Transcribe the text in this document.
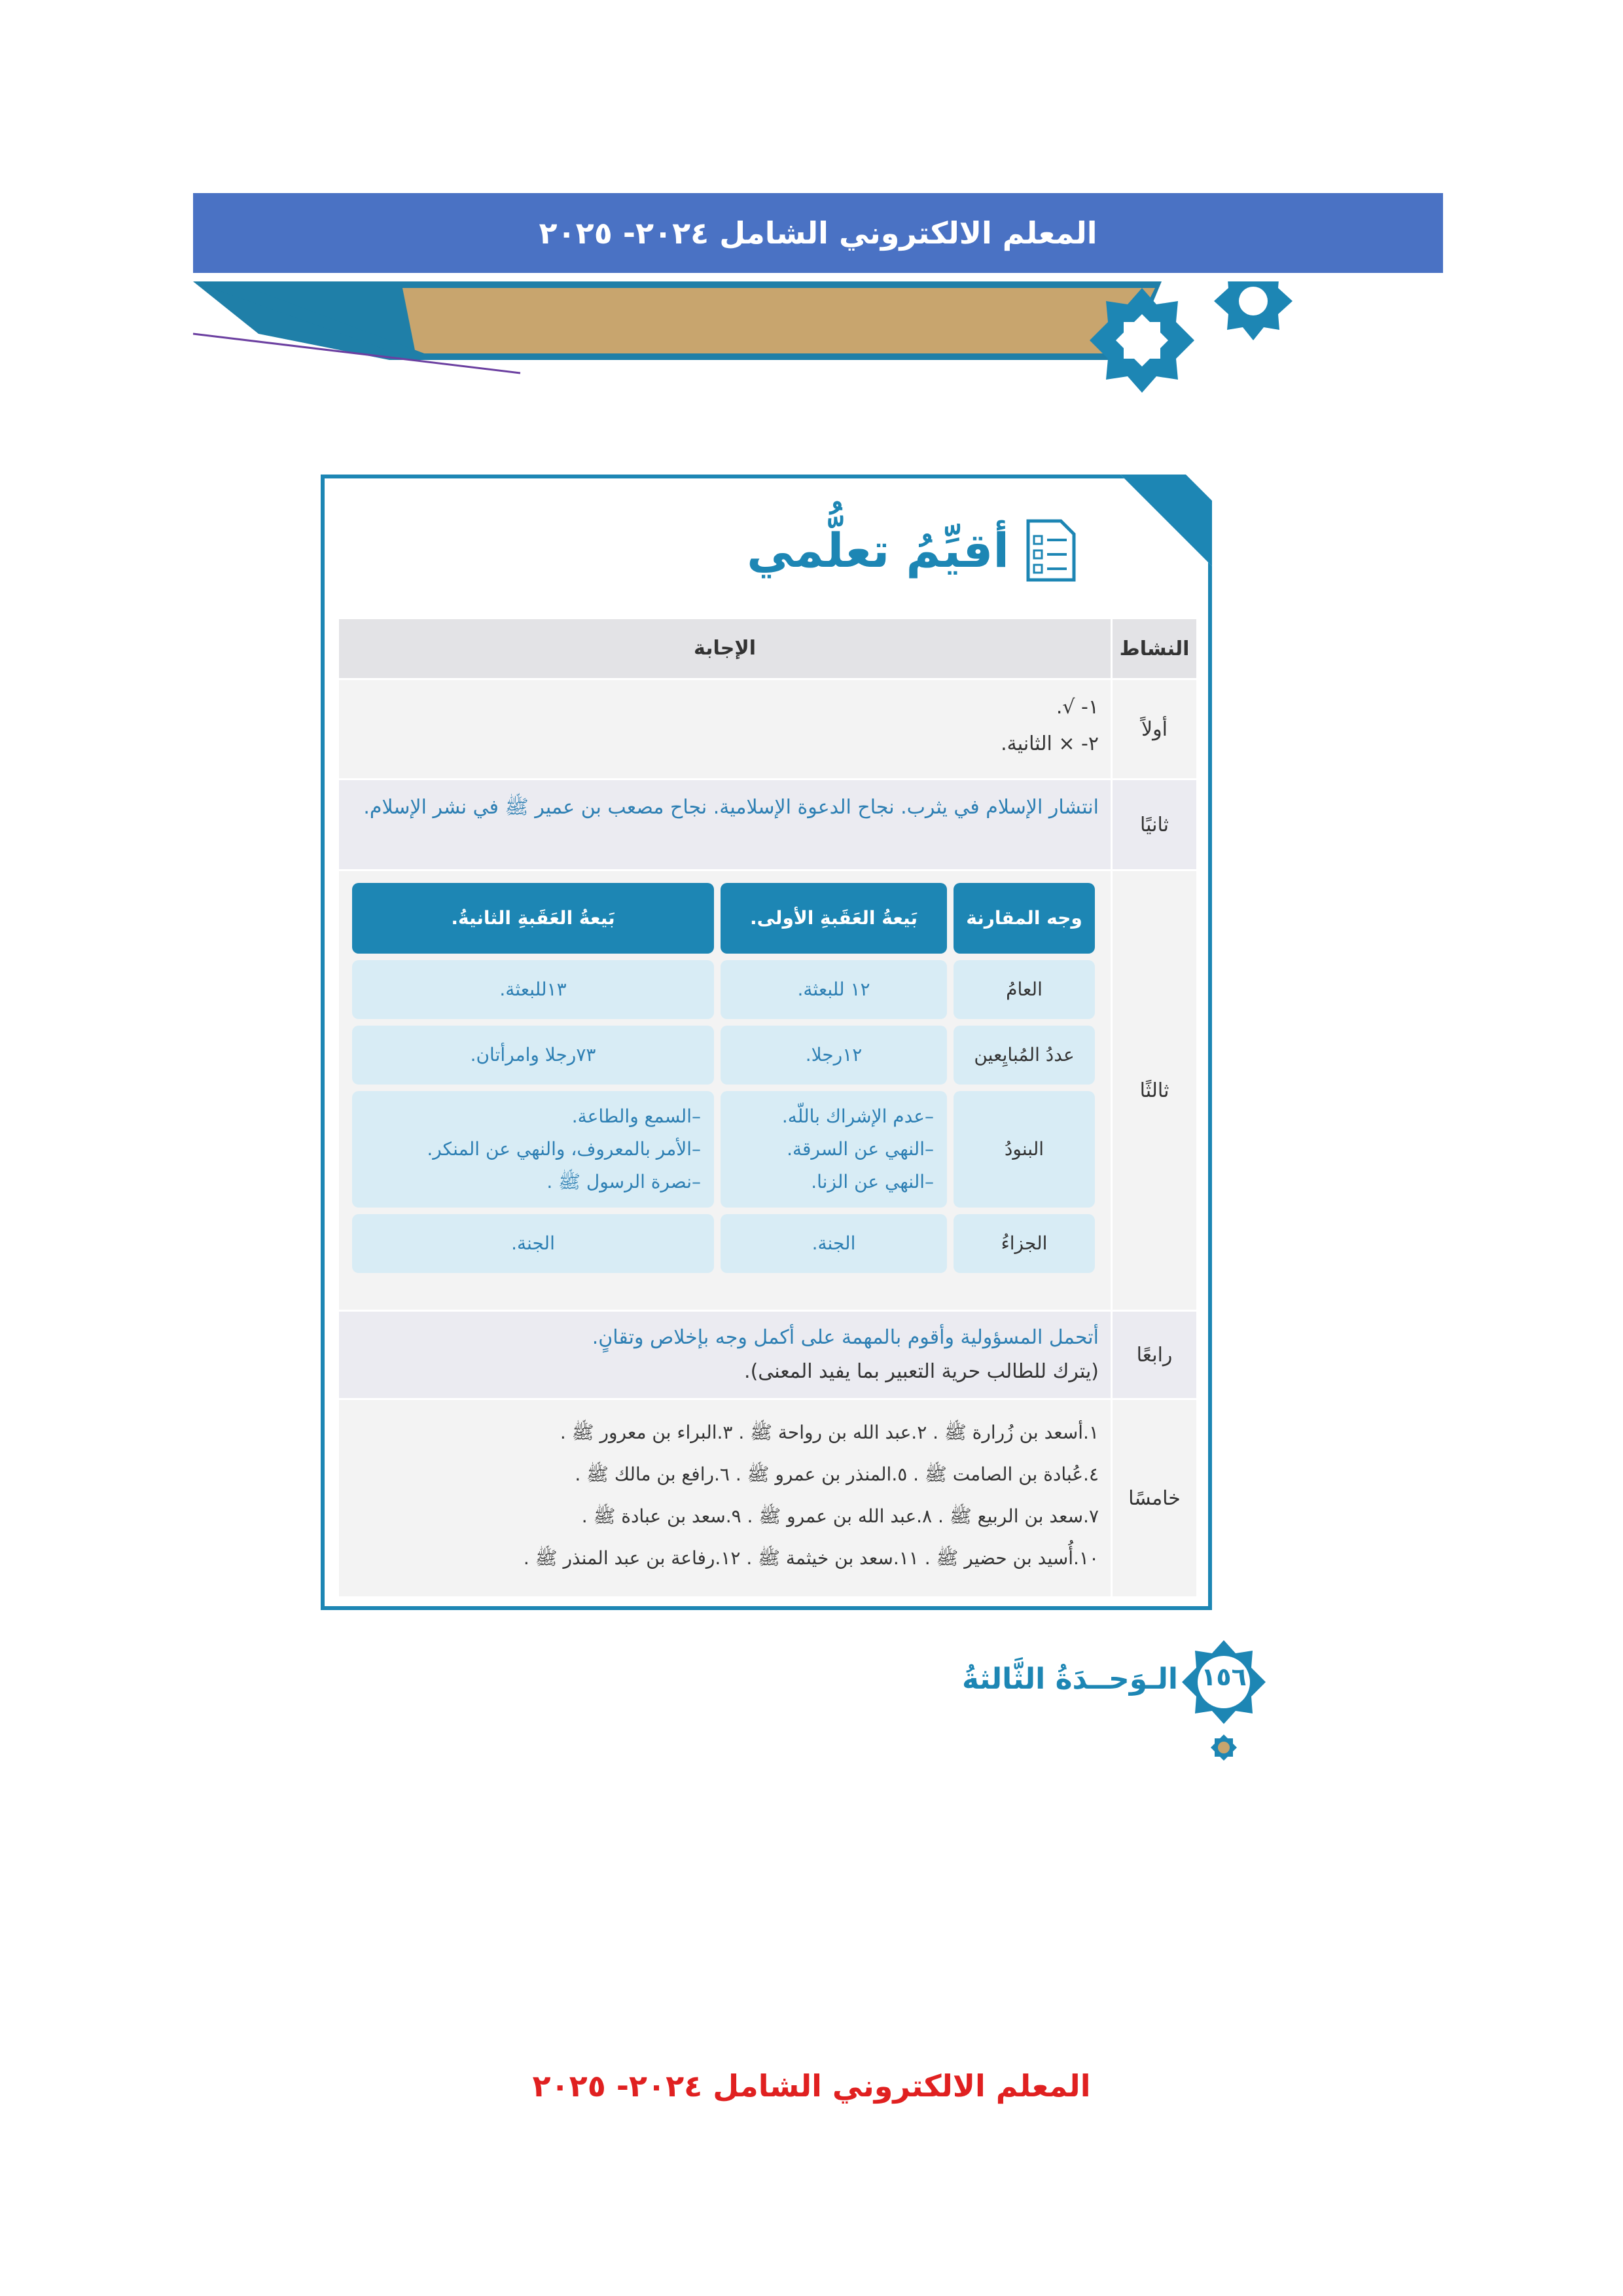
المعلم الالكتروني الشامل ٢٠٢٤- ٢٠٢٥
أقيِّمُ تعلُّمي
النشاط
الإجابة
أولاً
١- √.
٢- × الثانية.
ثانيًا
انتشار الإسلام في يثرب. نجاح الدعوة الإسلامية. نجاح مصعب بن عمير ﷺ في نشر الإسلام.
ثالثًا
وجه المقارنة
بَيعةُ العَقَبةِ الأولى.
بَيعةُ العَقَبةِ الثانيةُ.
العامُ
١٢ للبعثة.
١٣للبعثة.
عددُ المُبايِعين
١٢رجلا.
٧٣رجلا وامرأتان.
البنودُ
–عدم الإشراك باللّه.
–النهي عن السرقة.
–النهي عن الزنا.
–السمع والطاعة.
–الأمر بالمعروف، والنهي عن المنكر.
–نصرة الرسول ﷺ .
الجزاءُ
الجنة.
الجنة.
رابعًا
أتحمل المسؤولية وأقوم بالمهمة على أكمل وجه بإخلاص وتقانٍ.
(يترك للطالب حرية التعبير بما يفيد المعنى).
خامسًا
١.أسعد بن زُرارة ﷺ . ٢.عبد الله بن رواحة ﷺ . ٣.البراء بن معرور ﷺ .
٤.عُبادة بن الصامت ﷺ . ٥.المنذر بن عمرو ﷺ . ٦.رافع بن مالك ﷺ .
٧.سعد بن الربيع ﷺ . ٨.عبد الله بن عمرو ﷺ . ٩.سعد بن عبادة ﷺ .
١٠.أُسيد بن حضير ﷺ . ١١.سعد بن خيثمة ﷺ . ١٢.رفاعة بن عبد المنذر ﷺ .
١٥٦
الـوَحــدَةُ الثَّالثةُ
المعلم الالكتروني الشامل ٢٠٢٤- ٢٠٢٥
